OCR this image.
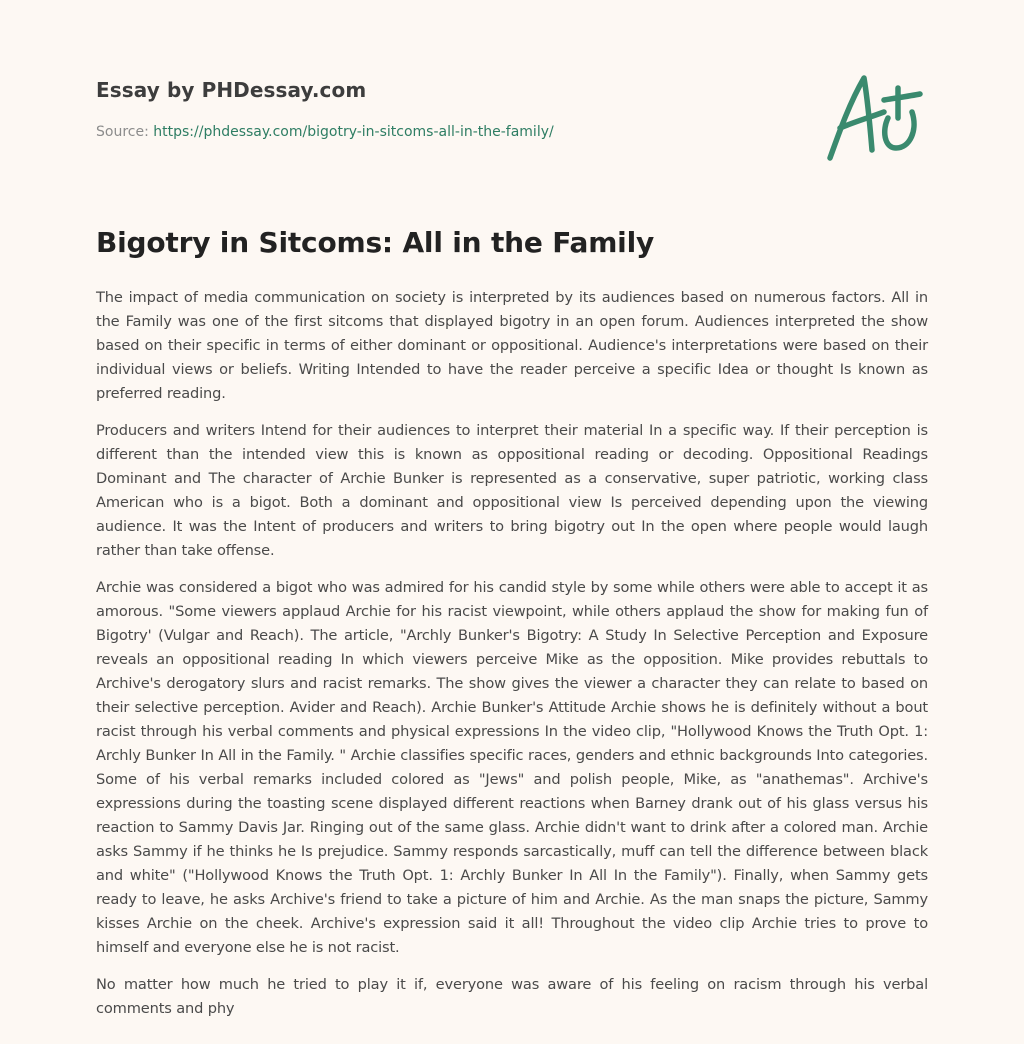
Essay by PHDessay.com

Source: https://phdessay.com/bigotry-in-sitcoms-all-in-the-family/

Bigotry in Sitcoms: All in the Family

The impact of media communication on society is interpreted by its audiences based on numerous factors. All in the Family was one of the first sitcoms that displayed bigotry in an open forum. Audiences interpreted the show based on their specific in terms of either dominant or oppositional. Audience's interpretations were based on their individual views or beliefs. Writing Intended to have the reader perceive a specific Idea or thought Is known as preferred reading.

Producers and writers Intend for their audiences to interpret their material In a specific way. If their perception is different than the intended view this is known as oppositional reading or decoding. Oppositional Readings Dominant and The character of Archie Bunker is represented as a conservative, super patriotic, working class American who is a bigot. Both a dominant and oppositional view Is perceived depending upon the viewing audience. It was the Intent of producers and writers to bring bigotry out In the open where people would laugh rather than take offense.

Archie was considered a bigot who was admired for his candid style by some while others were able to accept it as amorous. "Some viewers applaud Archie for his racist viewpoint, while others applaud the show for making fun of Bigotry' (Vulgar and Reach). The article, "Archly Bunker's Bigotry: A Study In Selective Perception and Exposure reveals an oppositional reading In which viewers perceive Mike as the opposition. Mike provides rebuttals to Archive's derogatory slurs and racist remarks. The show gives the viewer a character they can relate to based on their selective perception. Avider and Reach). Archie Bunker's Attitude Archie shows he is definitely without a bout racist through his verbal comments and physical expressions In the video clip, "Hollywood Knows the Truth Opt. 1: Archly Bunker In All in the Family. " Archie classifies specific races, genders and ethnic backgrounds Into categories. Some of his verbal remarks included colored as "Jews" and polish people, Mike, as "anathemas". Archive's expressions during the toasting scene displayed different reactions when Barney drank out of his glass versus his reaction to Sammy Davis Jar. Ringing out of the same glass. Archie didn't want to drink after a colored man. Archie asks Sammy if he thinks he Is prejudice. Sammy responds sarcastically, muff can tell the difference between black and white" ("Hollywood Knows the Truth Opt. 1: Archly Bunker In All In the Family"). Finally, when Sammy gets ready to leave, he asks Archive's friend to take a picture of him and Archie. As the man snaps the picture, Sammy kisses Archie on the cheek. Archive's expression said it all! Throughout the video clip Archie tries to prove to himself and everyone else he is not racist.

No matter how much he tried to play it if, everyone was aware of his feeling on racism through his verbal comments and phy
